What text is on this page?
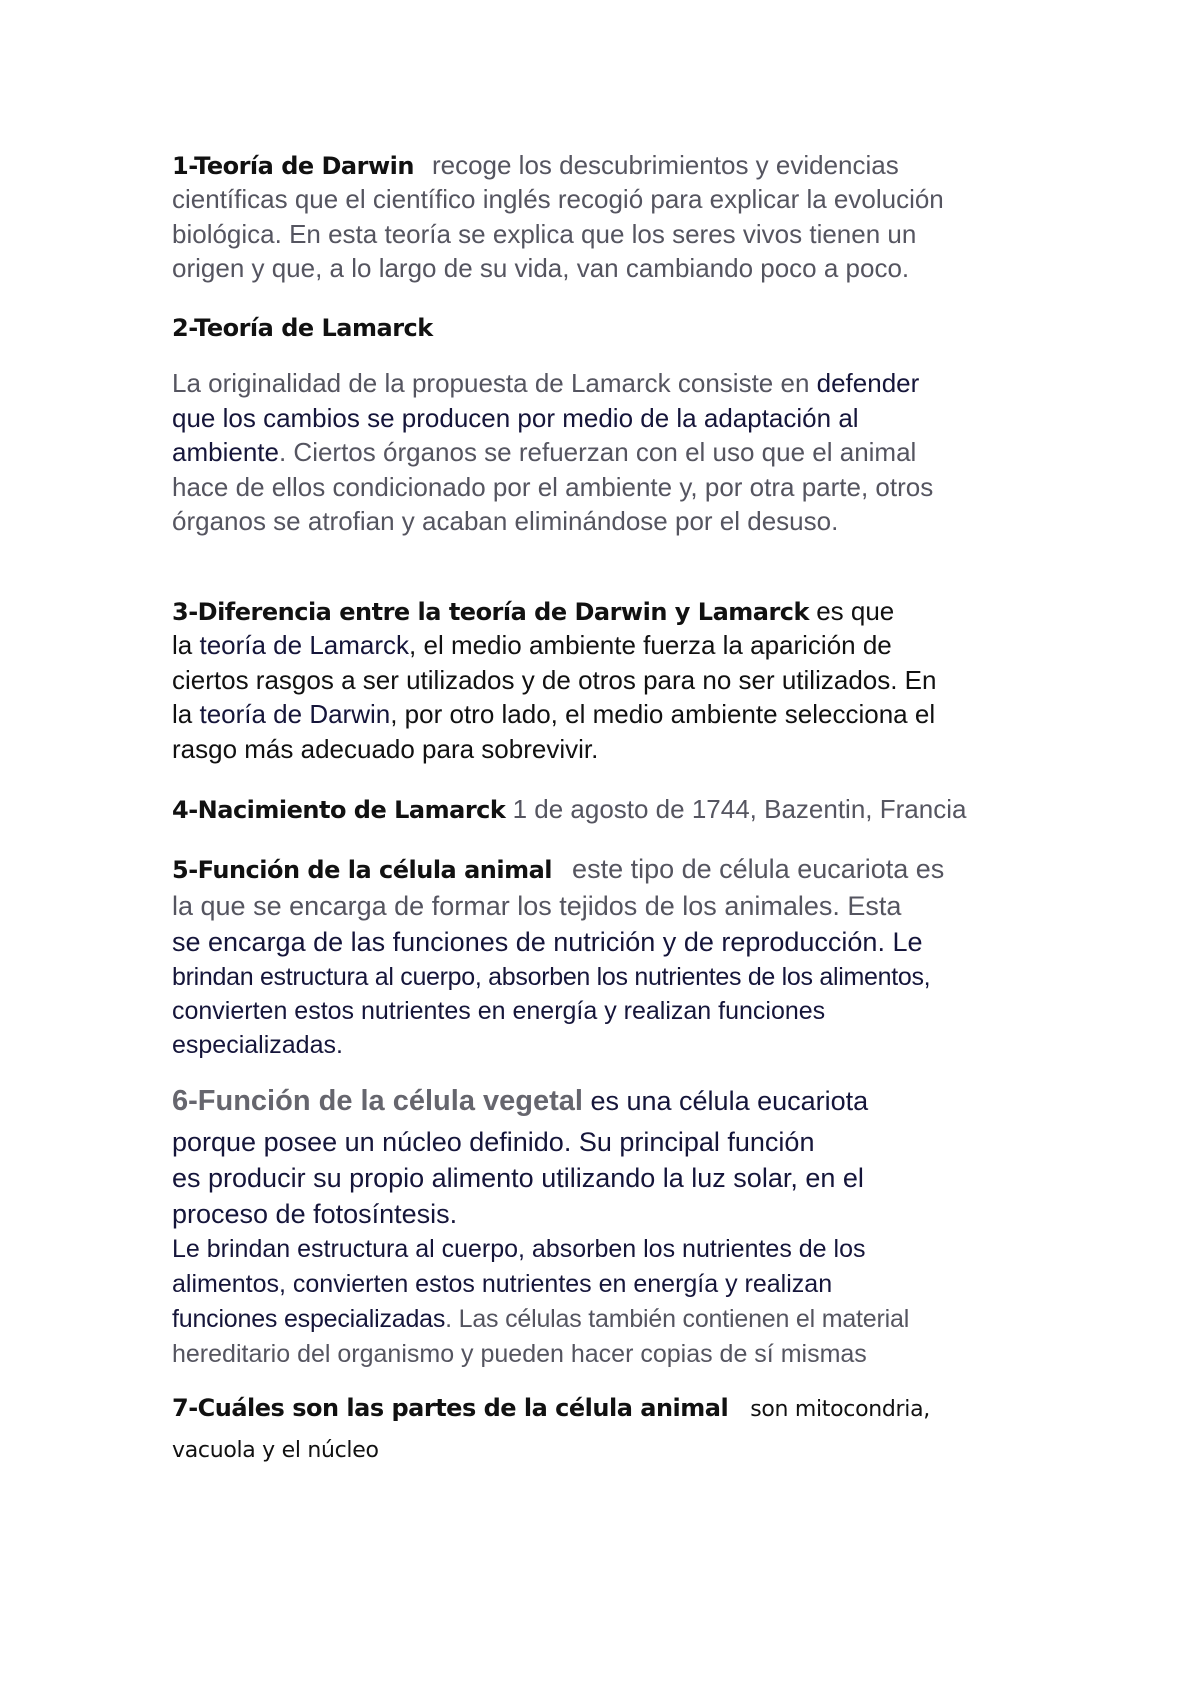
1-Teoría de Darwin recoge los descubrimientos y evidencias
científicas que el científico inglés recogió para explicar la evolución
biológica. En esta teoría se explica que los seres vivos tienen un
origen y que, a lo largo de su vida, van cambiando poco a poco.
2-Teoría de Lamarck
La originalidad de la propuesta de Lamarck consiste en defender
que los cambios se producen por medio de la adaptación al
ambiente. Ciertos órganos se refuerzan con el uso que el animal
hace de ellos condicionado por el ambiente y, por otra parte, otros
órganos se atrofian y acaban eliminándose por el desuso.
3-Diferencia entre la teoría de Darwin y Lamarck es que
la teoría de Lamarck, el medio ambiente fuerza la aparición de
ciertos rasgos a ser utilizados y de otros para no ser utilizados. En
la teoría de Darwin, por otro lado, el medio ambiente selecciona el
rasgo más adecuado para sobrevivir.
4-Nacimiento de Lamarck 1 de agosto de 1744, Bazentin, Francia
5-Función de la célula animal este tipo de célula eucariota es
la que se encarga de formar los tejidos de los animales. Esta
se encarga de las funciones de nutrición y de reproducción. Le
brindan estructura al cuerpo, absorben los nutrientes de los alimentos,
convierten estos nutrientes en energía y realizan funciones
especializadas.
6-Función de la célula vegetal es una célula eucariota
porque posee un núcleo definido. Su principal función
es producir su propio alimento utilizando la luz solar, en el
proceso de fotosíntesis.
Le brindan estructura al cuerpo, absorben los nutrientes de los
alimentos, convierten estos nutrientes en energía y realizan
funciones especializadas. Las células también contienen el material
hereditario del organismo y pueden hacer copias de sí mismas
7-Cuáles son las partes de la célula animal son mitocondria,
vacuola y el núcleo
